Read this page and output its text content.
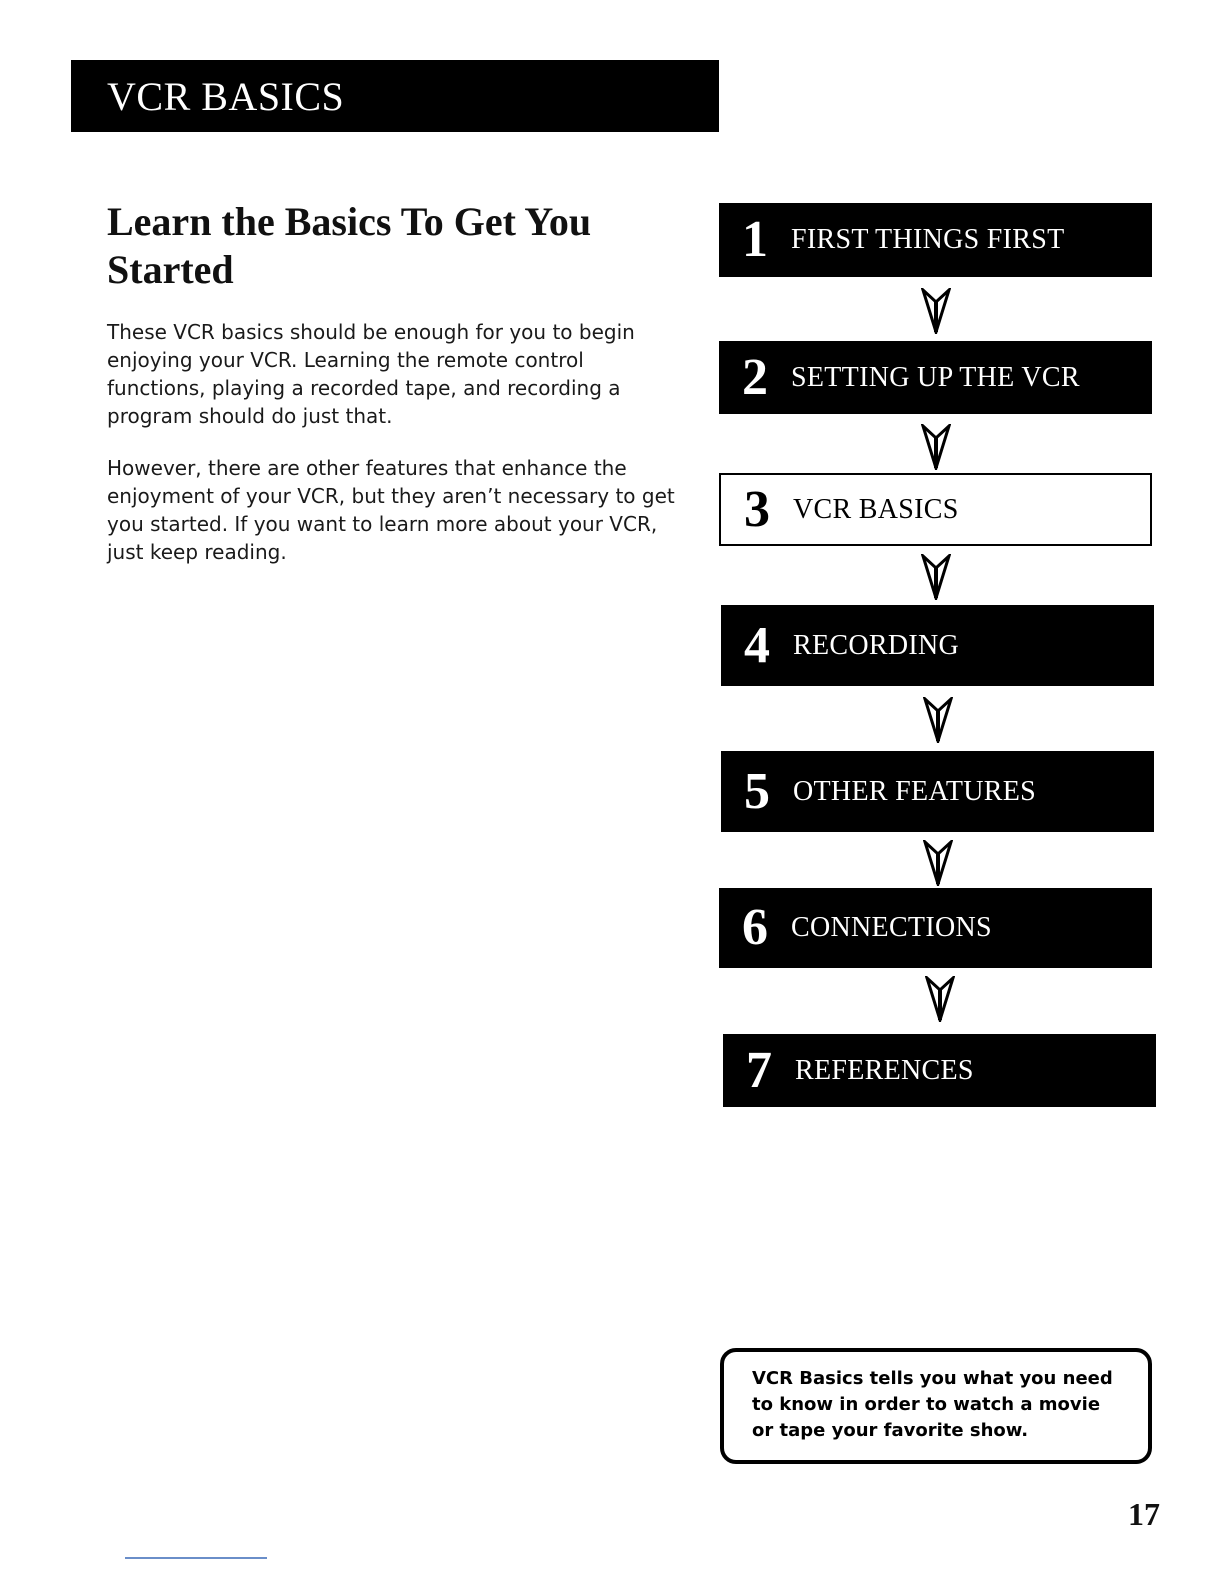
VCR BASICS
Learn the Basics To Get You Started

These VCR basics should be enough for you to begin enjoying your VCR. Learning the remote control functions, playing a recorded tape, and recording a program should do just that.

However, there are other features that enhance the enjoyment of your VCR, but they aren’t necessary to get you started. If you want to learn more about your VCR, just keep reading.

1 FIRST THINGS FIRST
2 SETTING UP THE VCR
3 VCR BASICS
4 RECORDING
5 OTHER FEATURES
6 CONNECTIONS
7 REFERENCES
VCR Basics tells you what you need to know in order to watch a movie or tape your favorite show.
17
